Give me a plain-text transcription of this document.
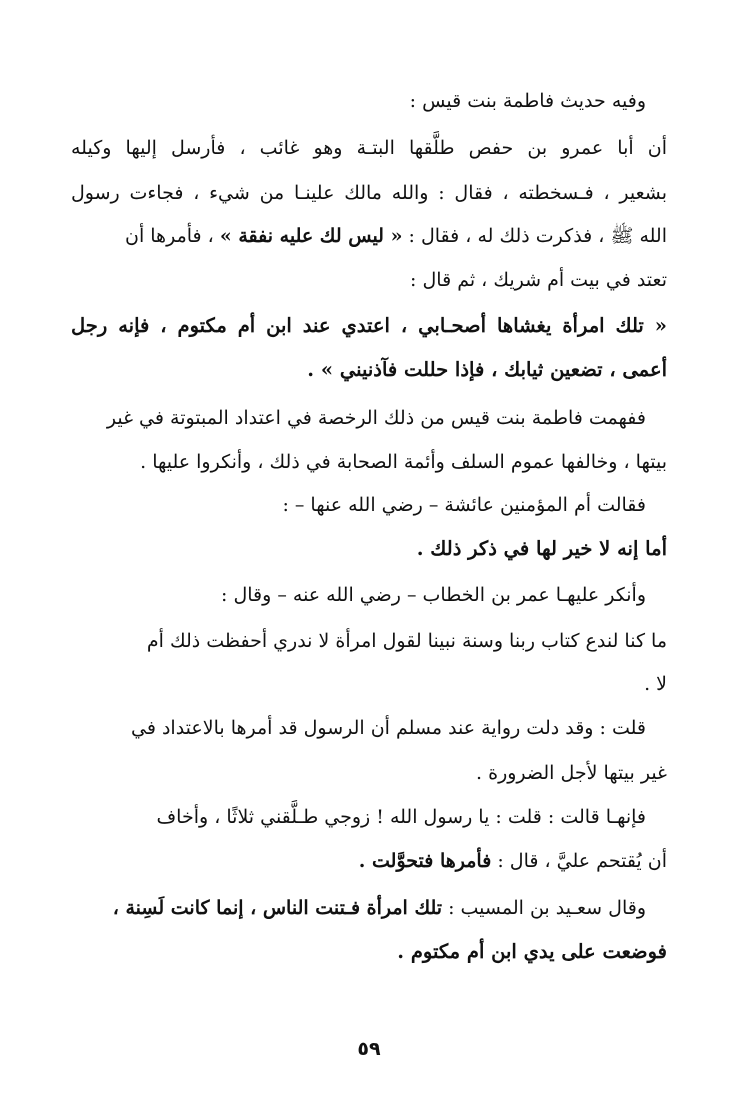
وفيه حديث فاطمة بنت قيس :
أن أبا عمرو بن حفص طلَّقها البتـة وهو غائب ، فأرسل إليها وكيله
بشعير ، فـسخطته ، فقال : والله مالك علينـا من شيء ، فجاءت رسول
الله ﷺ ، فذكرت ذلك له ، فقال : « ليس لك عليه نفقة » ، فأمرها أن
تعتد في بيت أم شريك ، ثم قال :
« تلك امرأة يغشاها أصحـابي ، اعتدي عند ابن أم مكتوم ، فإنه رجل
أعمى ، تضعين ثيابك ، فإذا حللت فآذنيني » .
ففهمت فاطمة بنت قيس من ذلك الرخصة في اعتداد المبتوتة في غير
بيتها ، وخالفها عموم السلف وأئمة الصحابة في ذلك ، وأنكروا عليها .
فقالت أم المؤمنين عائشة – رضي الله عنها – :
أما إنه لا خير لها في ذكر ذلك .
وأنكر عليهـا عمر بن الخطاب – رضي الله عنه – وقال :
ما كنا لندع كتاب ربنا وسنة نبينا لقول امرأة لا ندري أحفظت ذلك أم
لا .
قلت : وقد دلت رواية عند مسلم أن الرسول قد أمرها بالاعتداد في
غير بيتها لأجل الضرورة .
فإنهـا قالت : قلت : يا رسول الله ! زوجي طـلَّقني ثلاثًا ، وأخاف
أن يُقتحم عليَّ ، قال : فأمرها فتحوَّلت .
وقال سعـيد بن المسيب : تلك امرأة فـتنت الناس ، إنما كانت لَسِنة ،
فوضعت على يدي ابن أم مكتوم .
٥٩
